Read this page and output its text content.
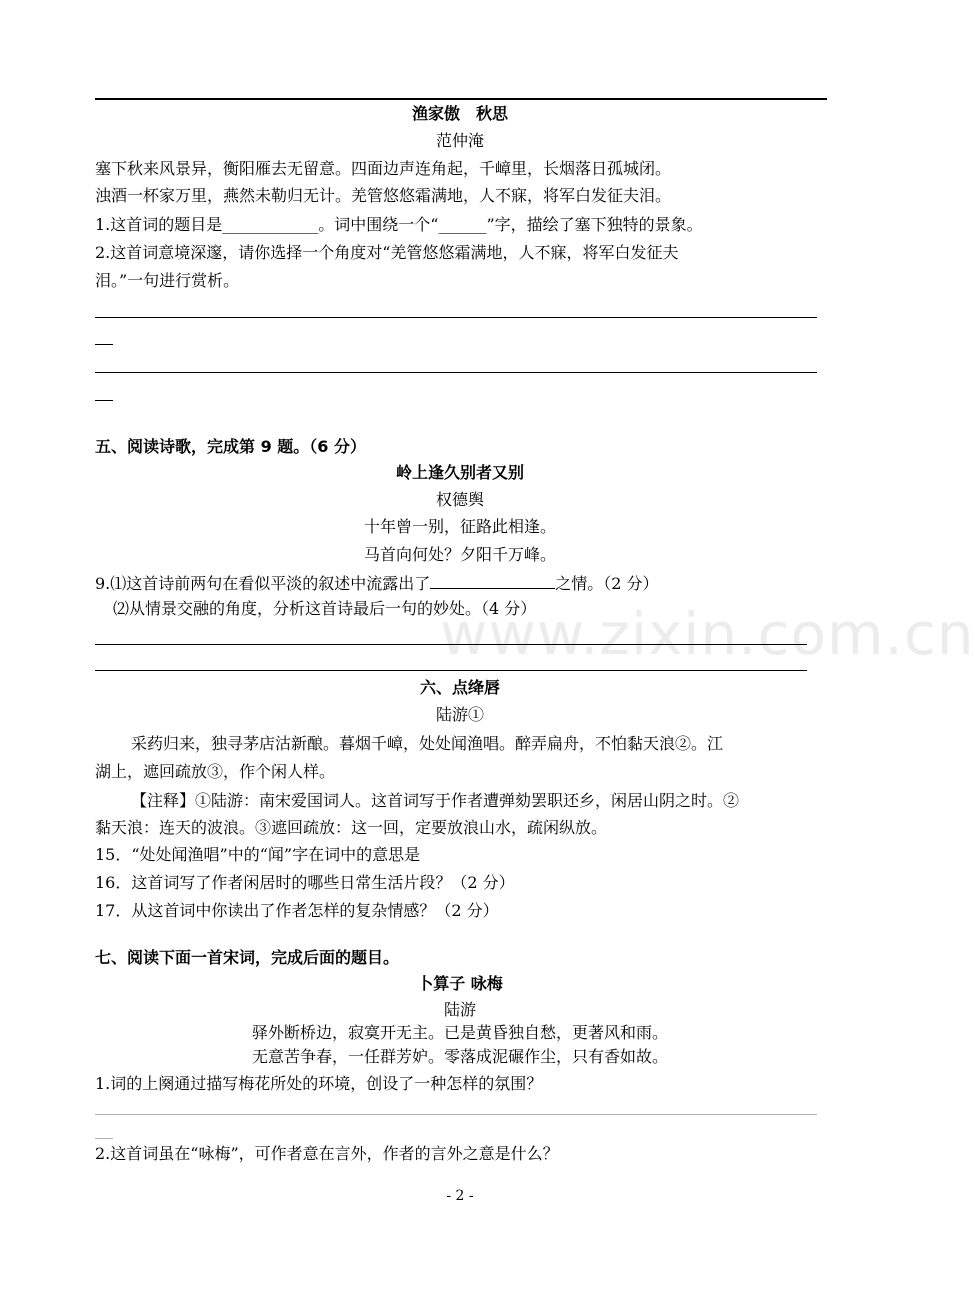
渔家傲　秋思
范仲淹
塞下秋来风景异，衡阳雁去无留意。四面边声连角起，千嶂里，长烟落日孤城闭。
浊酒一杯家万里，燕然未勒归无计。羌管悠悠霜满地，人不寐，将军白发征夫泪。
1.这首词的题目是____________。词中围绕一个“______”字，描绘了塞下独特的景象。
2.这首词意境深邃，请你选择一个角度对“羌管悠悠霜满地，人不寐，将军白发征夫
泪。”一句进行赏析。
五、阅读诗歌，完成第 9 题。（6 分）
岭上逢久别者又别
权德舆
十年曾一别，征路此相逢。
马首向何处？夕阳千万峰。
9.⑴这首诗前两句在看似平淡的叙述中流露出了	之情。（2 分）
⑵从情景交融的角度，分析这首诗最后一句的妙处。（4 分）
www.zixin.com.cn
六、点绛唇
陆游①
采药归来，独寻茅店沽新酿。暮烟千嶂，处处闻渔唱。醉弄扁舟，不怕黏天浪②。江
湖上，遮回疏放③，作个闲人样。
【注释】①陆游：南宋爱国词人。这首词写于作者遭弹劾罢职还乡，闲居山阴之时。②
黏天浪：连天的波浪。③遮回疏放：这一回，定要放浪山水，疏闲纵放。
15．“处处闻渔唱”中的“闻”字在词中的意思是
16．这首词写了作者闲居时的哪些日常生活片段？（2 分）
17．从这首词中你读出了作者怎样的复杂情感？（2 分）
七、阅读下面一首宋词，完成后面的题目。
卜算子 咏梅
陆游
驿外断桥边，寂寞开无主。已是黄昏独自愁，更著风和雨。
无意苦争春，一任群芳妒。零落成泥碾作尘，只有香如故。
1.词的上阕通过描写梅花所处的环境，创设了一种怎样的氛围？
2.这首词虽在“咏梅”，可作者意在言外，作者的言外之意是什么？
- 2 -
